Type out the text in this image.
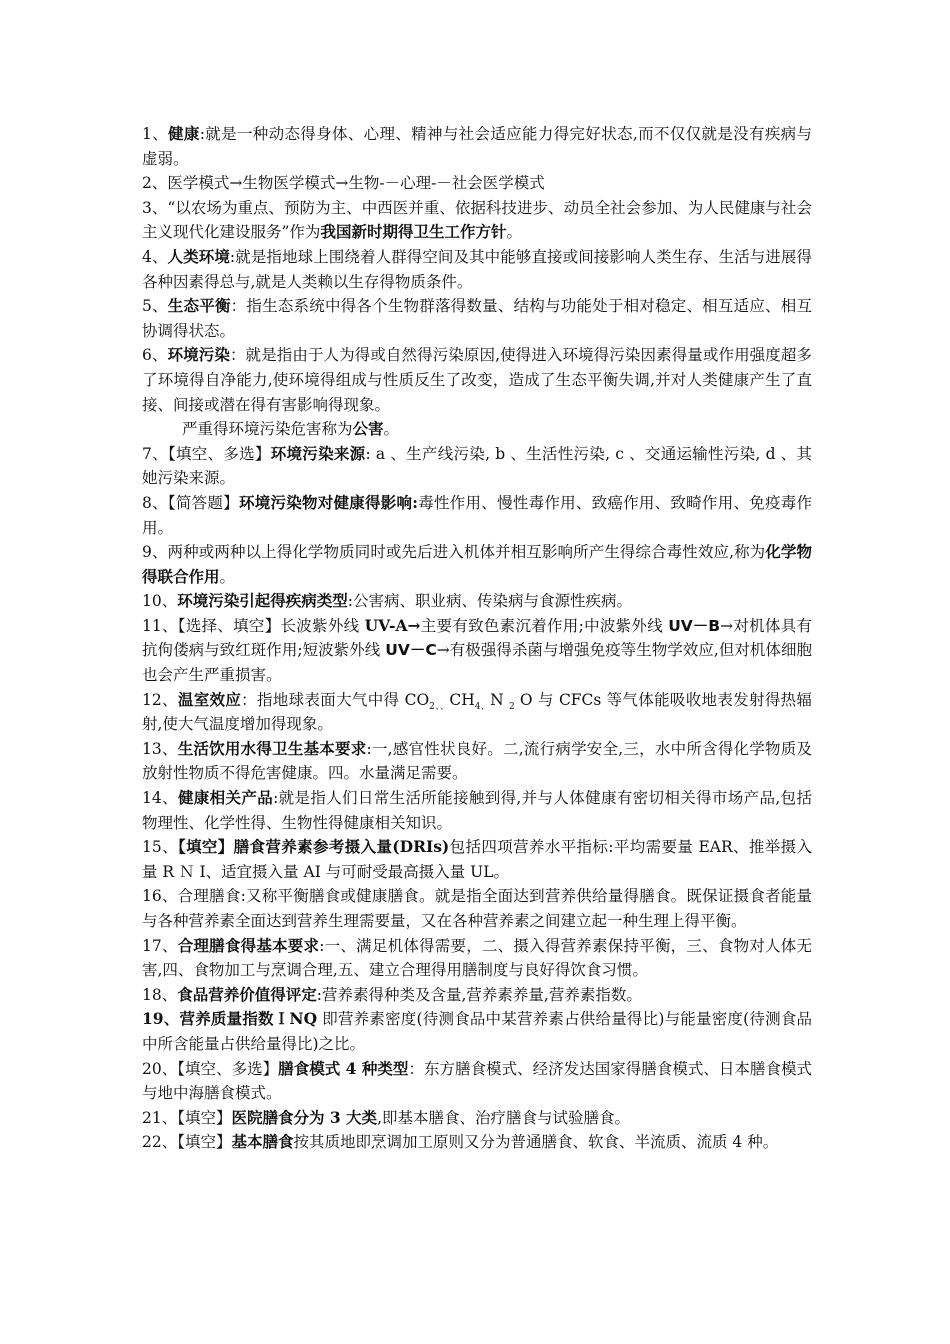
1、健康:就是一种动态得身体、心理、精神与社会适应能力得完好状态,而不仅仅就是没有疾病与虚弱。

2、医学模式→生物医学模式→生物-－心理-－社会医学模式

3、“以农场为重点、预防为主、中西医并重、依据科技进步、动员全社会参加、为人民健康与社会主义现代化建设服务”作为我国新时期得卫生工作方针。

4、人类环境:就是指地球上围绕着人群得空间及其中能够直接或间接影响人类生存、生活与进展得各种因素得总与,就是人类赖以生存得物质条件。

5、生态平衡：指生态系统中得各个生物群落得数量、结构与功能处于相对稳定、相互适应、相互协调得状态。

6、环境污染：就是指由于人为得或自然得污染原因,使得进入环境得污染因素得量或作用强度超多了环境得自净能力,使环境得组成与性质反生了改变，造成了生态平衡失调,并对人类健康产生了直接、间接或潜在得有害影响得现象。

严重得环境污染危害称为公害。

7、【填空、多选】环境污染来源: a 、生产线污染, b 、生活性污染, c 、交通运输性污染, d 、其她污染来源。

8、【简答题】环境污染物对健康得影响:毒性作用、慢性毒作用、致癌作用、致畸作用、免疫毒作用。

9、两种或两种以上得化学物质同时或先后进入机体并相互影响所产生得综合毒性效应,称为化学物得联合作用。

10、环境污染引起得疾病类型:公害病、职业病、传染病与食源性疾病。

11、【选择、填空】长波紫外线 UV-A→主要有致色素沉着作用;中波紫外线 UV－B→对机体具有抗佝偻病与致红斑作用;短波紫外线 UV－C→有极强得杀菌与增强免疫等生物学效应,但对机体细胞也会产生严重损害。

12、温室效应：指地球表面大气中得 $CO_{2、、}CH_{4、}N$ $_2$ O 与 CFCs 等气体能吸收地表发射得热辐射,使大气温度增加得现象。

13、生活饮用水得卫生基本要求:一,感官性状良好。二,流行病学安全,三，水中所含得化学物质及放射性物质不得危害健康。四。水量满足需要。

14、健康相关产品:就是指人们日常生活所能接触到得,并与人体健康有密切相关得市场产品,包括物理性、化学性得、生物性得健康相关知识。

15、【填空】膳食营养素参考摄入量(DRIs)包括四项营养水平指标:平均需要量 EAR、推举摄入量 R Ｎ I、适宜摄入量 AI 与可耐受最高摄入量 UL。

16、合理膳食:又称平衡膳食或健康膳食。就是指全面达到营养供给量得膳食。既保证摄食者能量与各种营养素全面达到营养生理需要量，又在各种营养素之间建立起一种生理上得平衡。

17、合理膳食得基本要求:一、满足机体得需要，二、摄入得营养素保持平衡，三、食物对人体无害,四、食物加工与烹调合理,五、建立合理得用膳制度与良好得饮食习惯。

18、食品营养价值得评定:营养素得种类及含量,营养素养量,营养素指数。

19、营养质量指数ＩNQ 即营养素密度(待测食品中某营养素占供给量得比)与能量密度(待测食品中所含能量占供给量得比)之比。

20、【填空、多选】膳食模式 4 种类型：东方膳食模式、经济发达国家得膳食模式、日本膳食模式与地中海膳食模式。

21、【填空】医院膳食分为 3 大类,即基本膳食、治疗膳食与试验膳食。

22、【填空】基本膳食按其质地即烹调加工原则又分为普通膳食、软食、半流质、流质 4 种。
